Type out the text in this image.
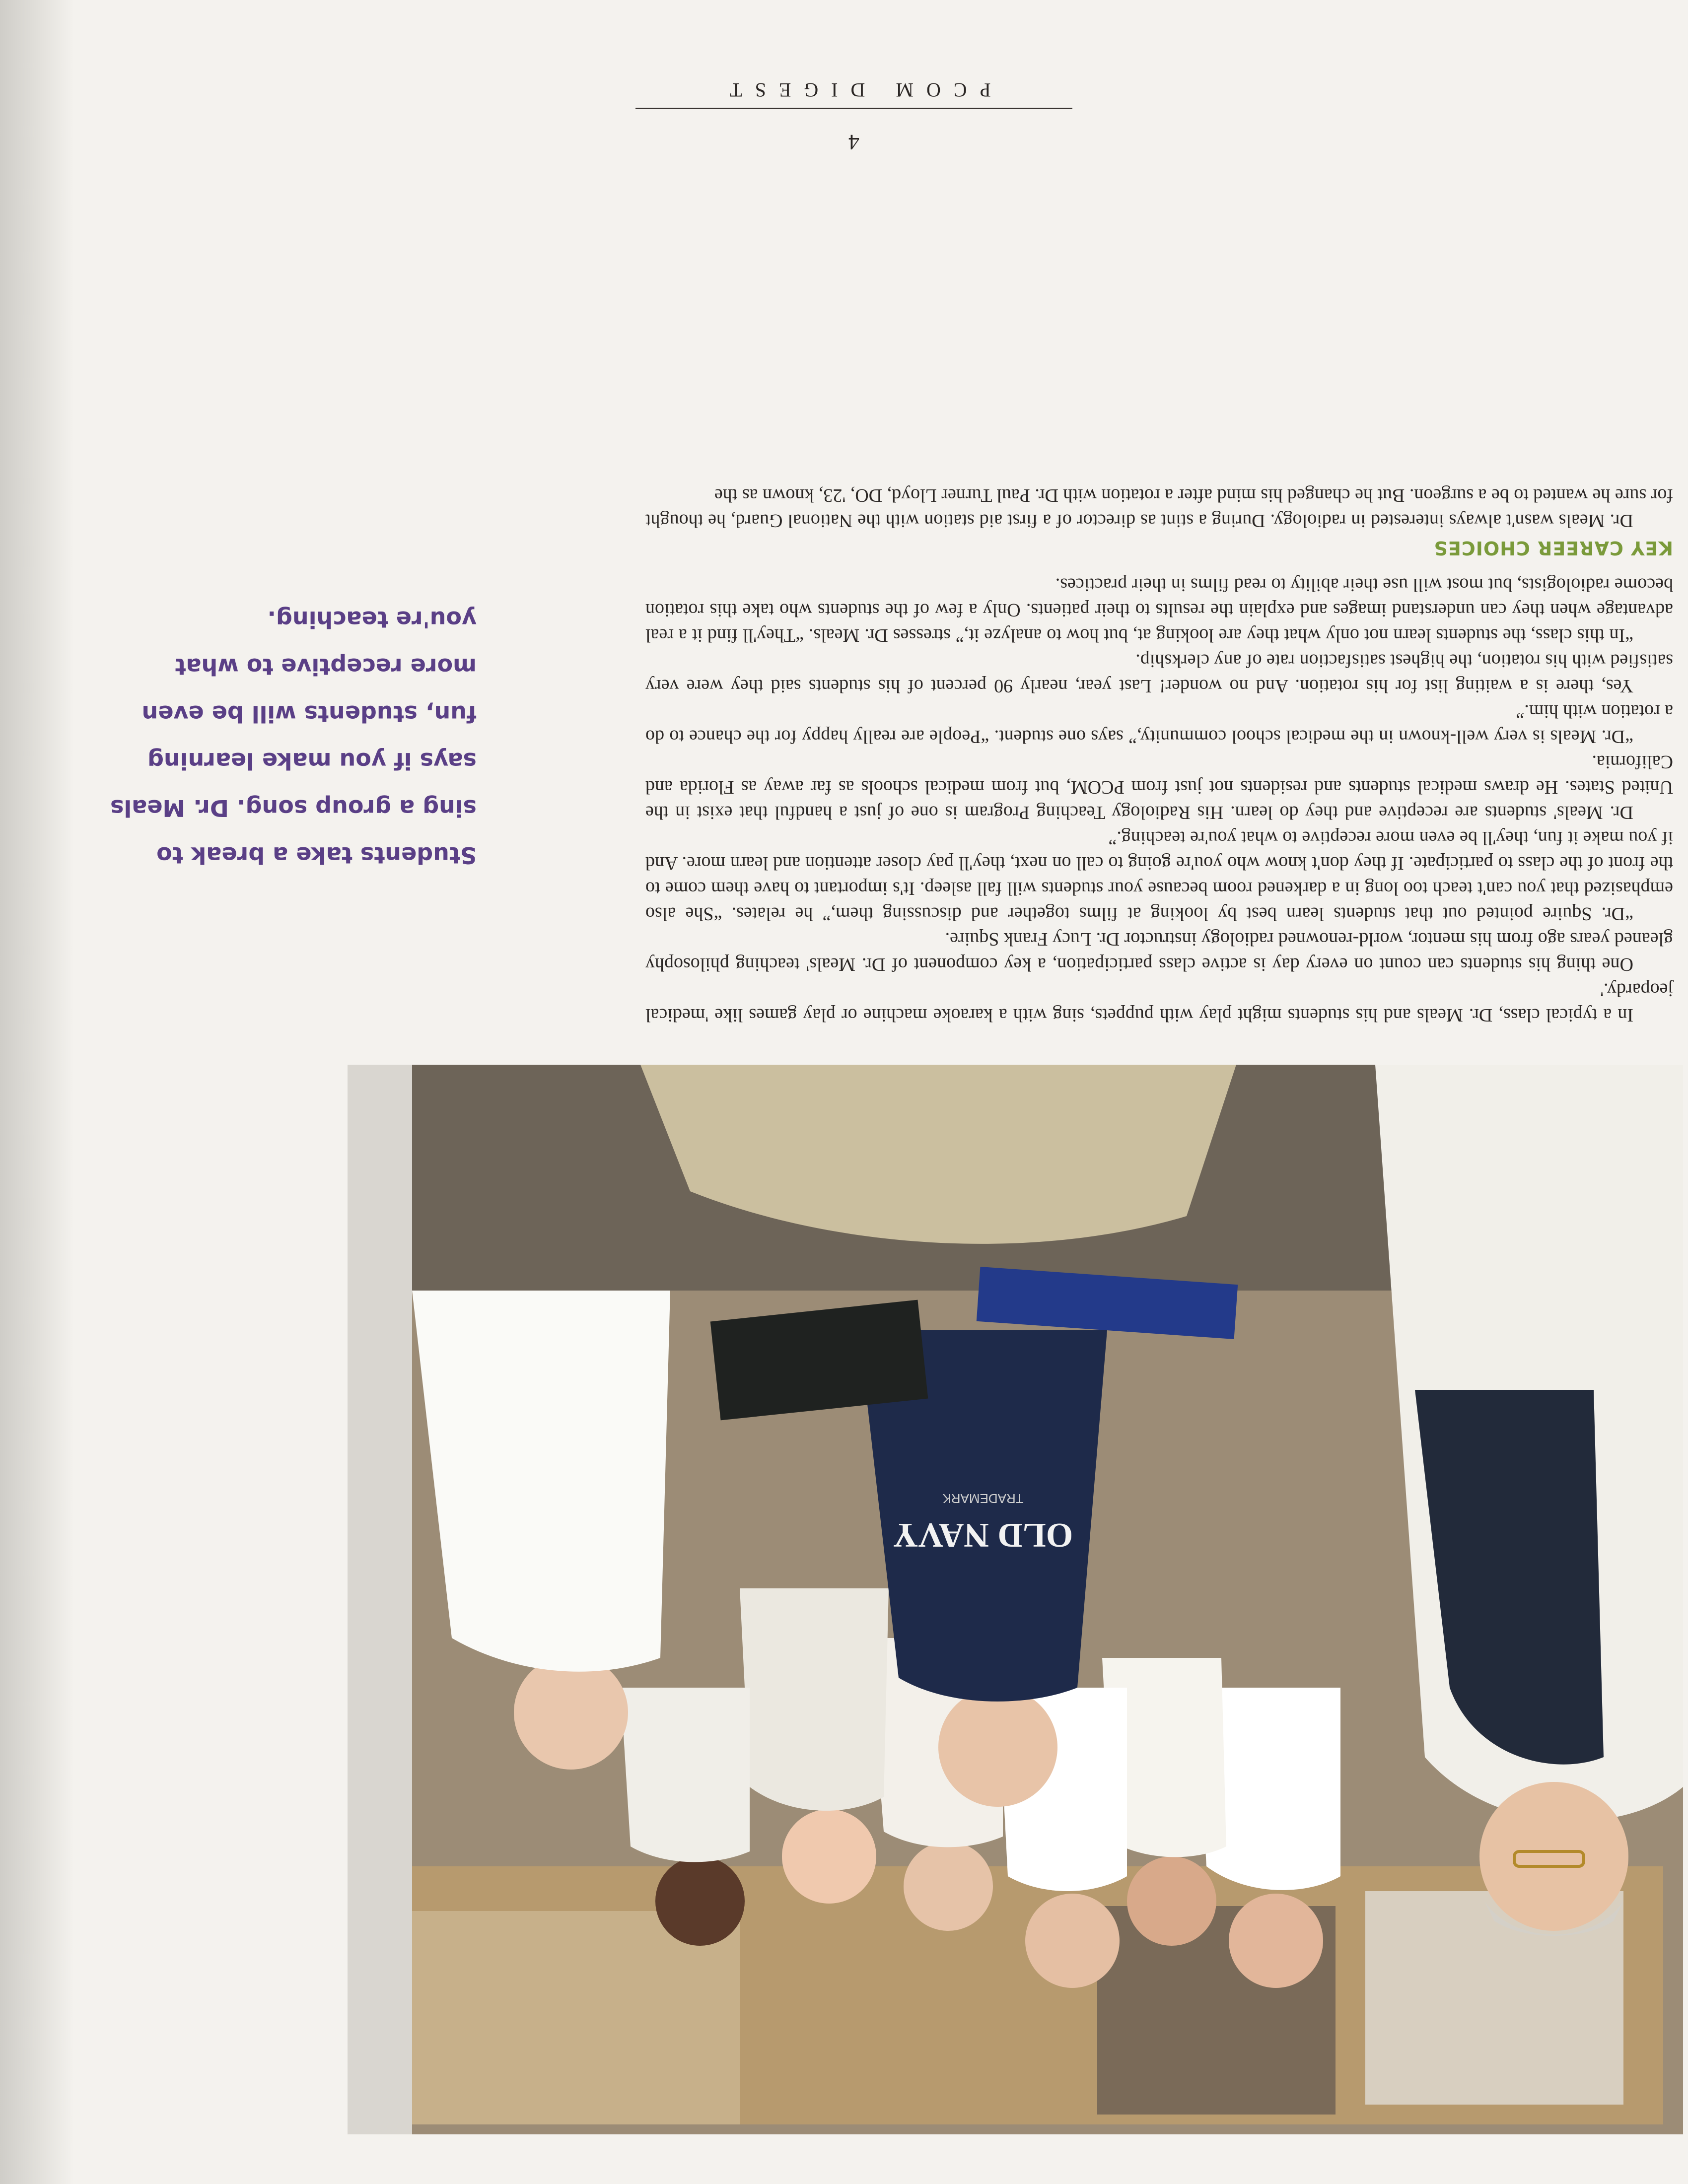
Students take a break to sing a group song. Dr. Meals says if you make learning fun, students will be even more receptive to what you're teaching.

OLD NAVY
TRADEMARK

In a typical class, Dr. Meals and his students might play with puppets, sing with a karaoke machine or play games like 'medical jeopardy.'

One thing his students can count on every day is active class participation, a key component of Dr. Meals' teaching philosophy gleaned years ago from his mentor, world-renowned radiology instructor Dr. Lucy Frank Squire.

“Dr. Squire pointed out that students learn best by looking at films together and discussing them,” he relates. “She also emphasized that you can't teach too long in a darkened room because your students will fall asleep. It's important to have them come to the front of the class to participate. If they don't know who you're going to call on next, they'll pay closer attention and learn more. And if you make it fun, they'll be even more receptive to what you're teaching.”

Dr. Meals' students are receptive and they do learn. His Radiology Teaching Program is one of just a handful that exist in the United States. He draws medical students and residents not just from PCOM, but from medical schools as far away as Florida and California.

“Dr. Meals is very well-known in the medical school community,” says one student. “People are really happy for the chance to do a rotation with him.”

Yes, there is a waiting list for his rotation. And no wonder! Last year, nearly 90 percent of his students said they were very satisfied with his rotation, the highest satisfaction rate of any clerkship.

“In this class, the students learn not only what they are looking at, but how to analyze it,” stresses Dr. Meals. “They'll find it a real advantage when they can understand images and explain the results to their patients. Only a few of the students who take this rotation become radiologists, but most will use their ability to read films in their practices.

KEY CAREER CHOICES

Dr. Meals wasn't always interested in radiology. During a stint as director of a first aid station with the National Guard, he thought for sure he wanted to be a surgeon. But he changed his mind after a rotation with Dr. Paul Turner Lloyd, DO, '23, known as the

4
PCOM DIGEST
